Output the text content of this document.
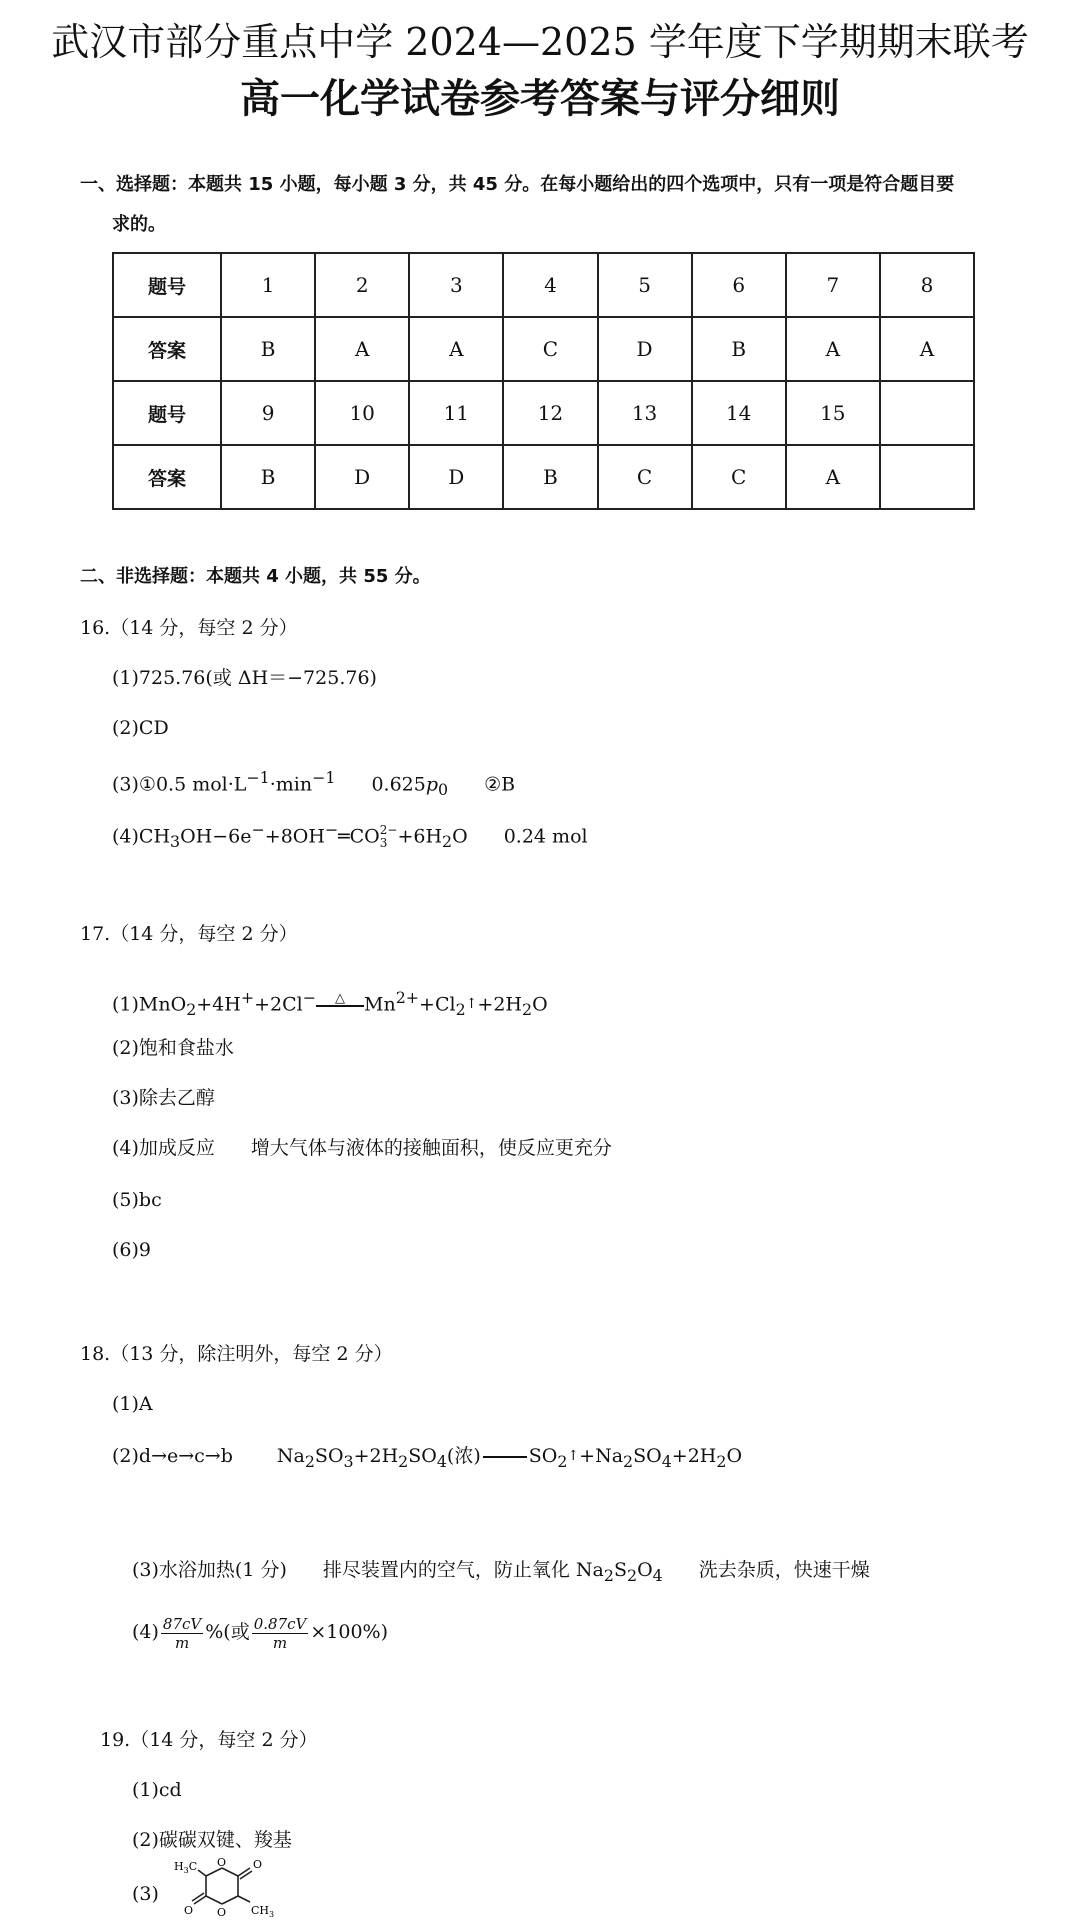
武汉市部分重点中学 2024—2025 学年度下学期期末联考
高一化学试卷参考答案与评分细则
一、选择题：本题共 15 小题，每小题 3 分，共 45 分。在每小题给出的四个选项中，只有一项是符合题目要
求的。
题号	1	2	3	4	5	6	7	8
答案	B	A	A	C	D	B	A	A
题号	9	10	11	12	13	14	15	
答案	B	D	D	B	C	C	A	
二、非选择题：本题共 4 小题，共 55 分。
16.（14 分，每空 2 分）
(1)725.76(或 ΔH＝−725.76)
(2)CD
(3)①0.5 $mol\cdot L^{-1}\cdot\min^{-1}$ $0.625p_0$ ②B
$(4)CH_3OH-6e^-+8OH^-═CO$ 2−
$3 +6H_2O$ 0.24 mol
17.（14 分，每空 2 分）
(1)MnO$_2$+4H++2Cl−	△	$Mn^{2+}+Cl_2↑+2H_2O$
(2)饱和食盐水
(3)除去乙醇
(4)加成反应 增大气体与液体的接触面积，使反应更充分
(5)bc
(6)9
18.（13 分，除注明外，每空 2 分）
(1)A
(2)d→e→c→b $Na_2SO_3+2H_2SO_4$(浓)	$SO_2↑+Na_2SO_4+2H_2O$
(3)水浴加热(1 分) 排尽装置内的空气，防止氧化 $Na_2S_2O_4$ 洗去杂质，快速干燥
$(4) \frac{87cV}{m}$ %(或 $\frac{0.87cV}{m} \times 100\%$)
19.（14 分，每空 2 分）
(1)cd
(2)碳碳双键、羧基
(3)
$H_3C$ O O
O O $CH_3$
